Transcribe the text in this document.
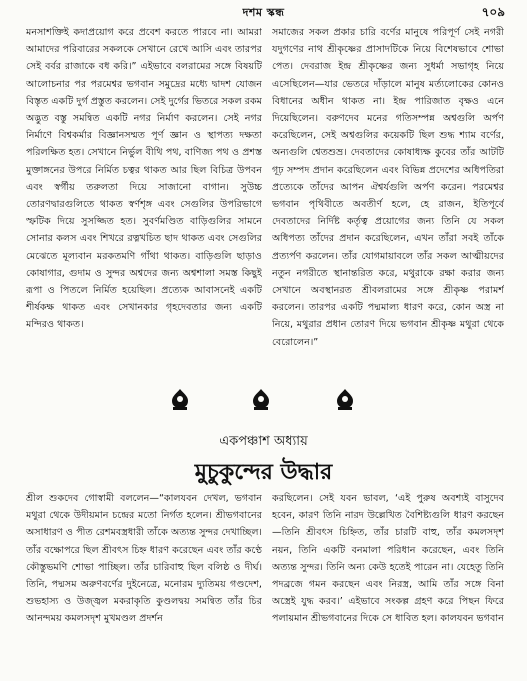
দশম স্কন্ধ	৭০৯

মনসাশক্তিই কদাপ্রয়োগ করে প্রবেশ করতে পারবে না। আমরা আমাদের পরিবারের সকলকে সেখানে রেখে আসি এবং তারপর সেই বর্বর রাজাকে বধ করি।” এইভাবে বলরামের সঙ্গে বিষয়টি আলোচনার পর পরমেশ্বর ভগবান সমুদ্রের মধ্যে দ্বাদশ যোজন বিস্তৃত একটি দুর্গ প্রস্তুত করলেন। সেই দুর্গের ভিতরে সকল রকম অদ্ভুত বস্তু সমন্বিত একটি নগর নির্মাণ করলেন। সেই নগর নির্মাণে বিশ্বকর্মার বিজ্ঞানসম্মত পূর্ণ জ্ঞান ও স্থাপত্য দক্ষতা পরিলক্ষিত হত। সেখানে নির্ভুল বীথি পথ, বাণিজ্য পথ ও প্রশস্ত মুক্তাঙ্গনের উপরে নির্মিত চত্বর থাকত আর ছিল বিচিত্র উপবন এবং স্বর্গীয় তরুলতা দিয়ে সাজানো বাগান। সুউচ্চ তোরণদ্বারগুলিতে থাকত স্বর্ণশৃঙ্গ এবং সেগুলির উপরিভাগে স্ফটিক দিয়ে সুসজ্জিত হত। সুবর্ণমণ্ডিত বাড়িগুলির সামনে সোনার কলস এবং শিখরে রত্নখচিত ছাদ থাকত এবং সেগুলির মেঝেতে মূল্যবান মরকতমণি গাঁথা থাকত। বাড়িগুলি ছাড়াও কোষাগার, গুদাম ও সুন্দর অশ্বদের জন্য অশ্বশালা সমস্ত কিছুই রূপা ও পিতলে নির্মিত হয়েছিল। প্রত্যেক আবাসনেই একটি শীর্ষকক্ষ থাকত এবং সেখানকার গৃহদেবতার জন্য একটি মন্দিরও থাকত।

সমাজের সকল প্রকার চারি বর্ণের মানুষে পরিপূর্ণ সেই নগরী যদুগণের নাথ শ্রীকৃষ্ণের প্রাসাদটিকে নিয়ে বিশেষভাবে শোভা পেত। দেবরাজ ইন্দ্র শ্রীকৃষ্ণের জন্য সুধর্মা সভাগৃহ নিয়ে এসেছিলেন—যার ভেতরে দাঁড়ালে মানুষ মর্ত্যলোকের কোনও বিধানের অধীন থাকত না। ইন্দ্র পারিজাত বৃক্ষও এনে দিয়েছিলেন। বরুণদেব মনের গতিসম্পন্ন অশ্বগুলি অর্পণ করেছিলেন, সেই অশ্বগুলির কয়েকটি ছিল শুদ্ধ শ্যাম বর্ণের, অন্যগুলি শ্বেতশুভ্র। দেবতাদের কোষাধ্যক্ষ কুবের তাঁর আটটি গূঢ় সম্পদ প্রদান করেছিলেন এবং বিভিন্ন প্রদেশের অধিপতিরা প্রত্যেকে তাঁদের আপন ঐশ্বর্যগুলি অর্পণ করেন। পরমেশ্বর ভগবান পৃথিবীতে অবতীর্ণ হলে, হে রাজন, ইতিপূর্বে দেবতাদের নির্দিষ্ট কর্তৃত্ব প্রয়োগের জন্য তিনি যে সকল অধিপত্য তাঁদের প্রদান করেছিলেন, এখন তাঁরা সবই তাঁকে প্রত্যর্পণ করলেন। তাঁর যোগমায়াবলে তাঁর সকল আত্মীয়দের নতুন নগরীতে স্থানান্তরিত করে, মথুরাকে রক্ষা করার জন্য সেখানে অবস্থানরত শ্রীবলরামের সঙ্গে শ্রীকৃষ্ণ পরামর্শ করলেন। তারপর একটি পদ্মমাল্য ধারণ করে, কোন অস্ত্র না নিয়ে, মথুরার প্রধান তোরণ দিয়ে ভগবান শ্রীকৃষ্ণ মথুরা থেকে বেরোলেন।”

একপঞ্চাশ অধ্যায়
মুচুকুন্দের উদ্ধার

শ্রীল শুকদেব গোস্বামী বললেন—“কালযবন দেখল, ভগবান মথুরা থেকে উদীয়মান চন্দ্রের মতো নির্গত হলেন। শ্রীভগবানের অসাধারণ ও পীত রেশমবস্ত্রধারী তাঁকে অত্যন্ত সুন্দর দেখাচ্ছিল। তাঁর বক্ষোপরে ছিল শ্রীবৎস চিহ্ন ধারণ করেছেন এবং তাঁর কণ্ঠে কৌস্তুভমণি শোভা পাচ্ছিল। তাঁর চারিবাহু ছিল বলিষ্ঠ ও দীর্ঘ। তিনি, পদ্মসম অরুণবর্ণের দুইনেত্রে, মনোরম দ্যুতিময় গণ্ডদেশ, শুভহাস্য ও উজ্জ্বল মকরাকৃতি কুণ্ডলদ্বয় সমন্বিত তাঁর চির আনন্দময় কমলসদৃশ মুখমণ্ডল প্রদর্শন

করছিলেন। সেই যবন ভাবল, ‘এই পুরুষ অবশ্যই বাসুদেব হবেন, কারণ তিনি নারদ উল্লেখিত বৈশিষ্ট্যগুলি ধারণ করছেন—তিনি শ্রীবৎস চিহ্নিত, তাঁর চারটি বাহু, তাঁর কমলসদৃশ নয়ন, তিনি একটি বনমালা পরিধান করেছেন, এবং তিনি অত্যন্ত সুন্দর। তিনি অন্য কেউ হতেই পারেন না। যেহেতু তিনি পদব্রজে গমন করছেন এবং নিরস্ত্র, আমি তাঁর সঙ্গে বিনা অস্ত্রেই যুদ্ধ করব।’ এইভাবে সংকল্প গ্রহণ করে পিছন ফিরে পলায়মান শ্রীভগবানের দিকে সে ধাবিত হল। কালযবন ভগবান
